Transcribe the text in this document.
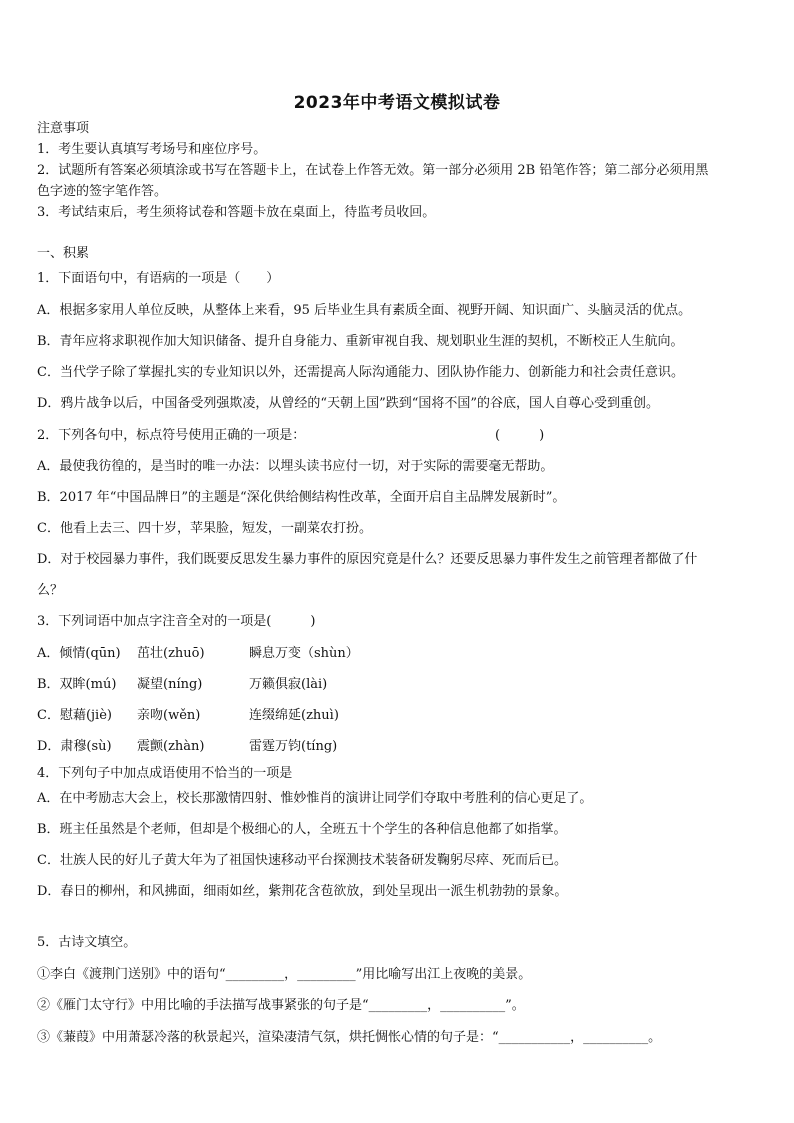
2023年中考语文模拟试卷
注意事项
1．考生要认真填写考场号和座位序号。
2．试题所有答案必须填涂或书写在答题卡上，在试卷上作答无效。第一部分必须用 2B 铅笔作答；第二部分必须用黑
色字迹的签字笔作答。
3．考试结束后，考生须将试卷和答题卡放在桌面上，待监考员收回。
一、积累
1．下面语句中，有语病的一项是（　　）
A．根据多家用人单位反映，从整体上来看，95 后毕业生具有素质全面、视野开阔、知识面广、头脑灵活的优点。
B．青年应将求职视作加大知识储备、提升自身能力、重新审视自我、规划职业生涯的契机，不断校正人生航向。
C．当代学子除了掌握扎实的专业知识以外，还需提高人际沟通能力、团队协作能力、创新能力和社会责任意识。
D．鸦片战争以后，中国备受列强欺凌，从曾经的“天朝上国”跌到“国将不国”的谷底，国人自尊心受到重创。
2．下列各句中，标点符号使用正确的一项是：	(　　　)
A．最使我彷徨的，是当时的唯一办法：以埋头读书应付一切，对于实际的需要毫无帮助。
B．2017 年“中国品牌日”的主题是“深化供给侧结构性改革，全面开启自主品牌发展新时”。
C．他看上去三、四十岁，苹果脸，短发，一副菜农打扮。
D．对于校园暴力事件，我们既要反思发生暴力事件的原因究竟是什么？还要反思暴力事件发生之前管理者都做了什
么？
3．下列词语中加点字注音全对的一项是(　　　)
A．倾情(qūn) 茁壮(zhuō)	瞬息万变（shùn）
B．双眸(mú) 凝望(níng)	万籁俱寂(lài)
C．慰藉(jiè) 亲吻(wěn)	连缀绵延(zhuì)
D．肃穆(sù) 震颤(zhàn)	雷霆万钧(tíng)
4．下列句子中加点成语使用不恰当的一项是
A．在中考励志大会上，校长那激情四射、惟妙惟肖的演讲让同学们夺取中考胜利的信心更足了。
B．班主任虽然是个老师，但却是个极细心的人，全班五十个学生的各种信息他都了如指掌。
C．壮族人民的好儿子黄大年为了祖国快速移动平台探测技术装备研发鞠躬尽瘁、死而后已。
D．春日的柳州，和风拂面，细雨如丝，紫荆花含苞欲放，到处呈现出一派生机勃勃的景象。
5．古诗文填空。
①李白《渡荆门送别》中的语句“_________，_________”用比喻写出江上夜晚的美景。
②《雁门太守行》中用比喻的手法描写战事紧张的句子是“_________，__________”。
③《蒹葭》中用萧瑟冷落的秋景起兴，渲染凄清气氛，烘托惆怅心情的句子是：“___________，__________。
